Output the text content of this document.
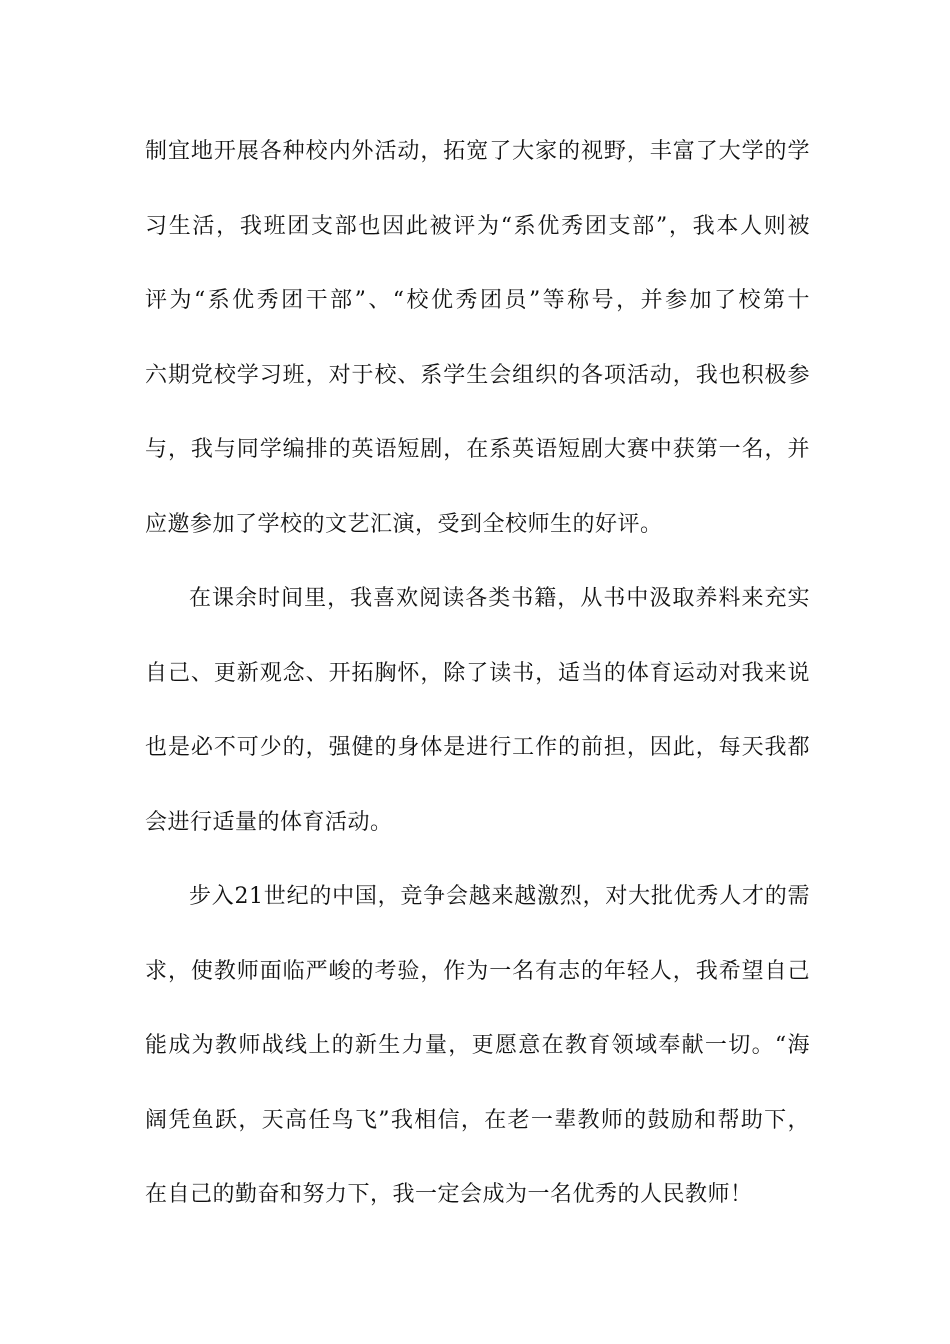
制宜地开展各种校内外活动，拓宽了大家的视野，丰富了大学的学
习生活，我班团支部也因此被评为“系优秀团支部”，我本人则被
评为“系优秀团干部”、“校优秀团员”等称号，并参加了校第十
六期党校学习班，对于校、系学生会组织的各项活动，我也积极参
与，我与同学编排的英语短剧，在系英语短剧大赛中获第一名，并
应邀参加了学校的文艺汇演，受到全校师生的好评。
在课余时间里，我喜欢阅读各类书籍，从书中汲取养料来充实
自己、更新观念、开拓胸怀，除了读书，适当的体育运动对我来说
也是必不可少的，强健的身体是进行工作的前担，因此，每天我都
会进行适量的体育活动。
步入21世纪的中国，竞争会越来越激烈，对大批优秀人才的需
求，使教师面临严峻的考验，作为一名有志的年轻人，我希望自己
能成为教师战线上的新生力量，更愿意在教育领域奉献一切。“海
阔凭鱼跃，天高任鸟飞”我相信，在老一辈教师的鼓励和帮助下，
在自己的勤奋和努力下，我一定会成为一名优秀的人民教师！
